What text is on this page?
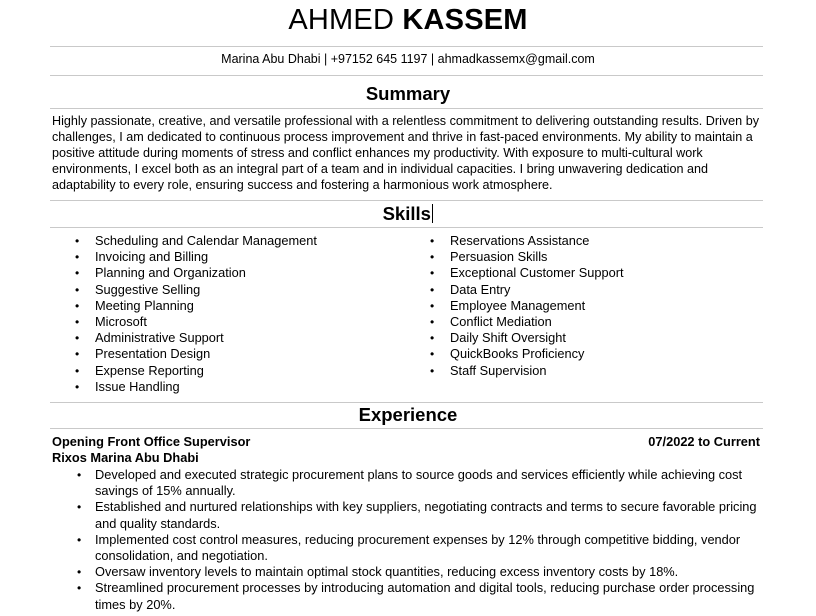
AHMED KASSEM
Marina Abu Dhabi | +97152 645 1197 | ahmadkassemx@gmail.com
Summary

Highly passionate, creative, and versatile professional with a relentless commitment to delivering outstanding results. Driven by challenges, I am dedicated to continuous process improvement and thrive in fast-paced environments. My ability to maintain a positive attitude during moments of stress and conflict enhances my productivity. With exposure to multi-cultural work environments, I excel both as an integral part of a team and in individual capacities. I bring unwavering dedication and adaptability to every role, ensuring success and fostering a harmonious work atmosphere.

Skills
• Scheduling and Calendar Management
• Invoicing and Billing
• Planning and Organization
• Suggestive Selling
• Meeting Planning
• Microsoft
• Administrative Support
• Presentation Design
• Expense Reporting
• Issue Handling
• Reservations Assistance
• Persuasion Skills
• Exceptional Customer Support
• Data Entry
• Employee Management
• Conflict Mediation
• Daily Shift Oversight
• QuickBooks Proficiency
• Staff Supervision
Experience
Opening Front Office Supervisor	07/2022 to Current
Rixos Marina Abu Dhabi
• Developed and executed strategic procurement plans to source goods and services efficiently while achieving cost savings of 15% annually.
• Established and nurtured relationships with key suppliers, negotiating contracts and terms to secure favorable pricing and quality standards.
• Implemented cost control measures, reducing procurement expenses by 12% through competitive bidding, vendor consolidation, and negotiation.
• Oversaw inventory levels to maintain optimal stock quantities, reducing excess inventory costs by 18%.
• Streamlined procurement processes by introducing automation and digital tools, reducing purchase order processing times by 20%.
